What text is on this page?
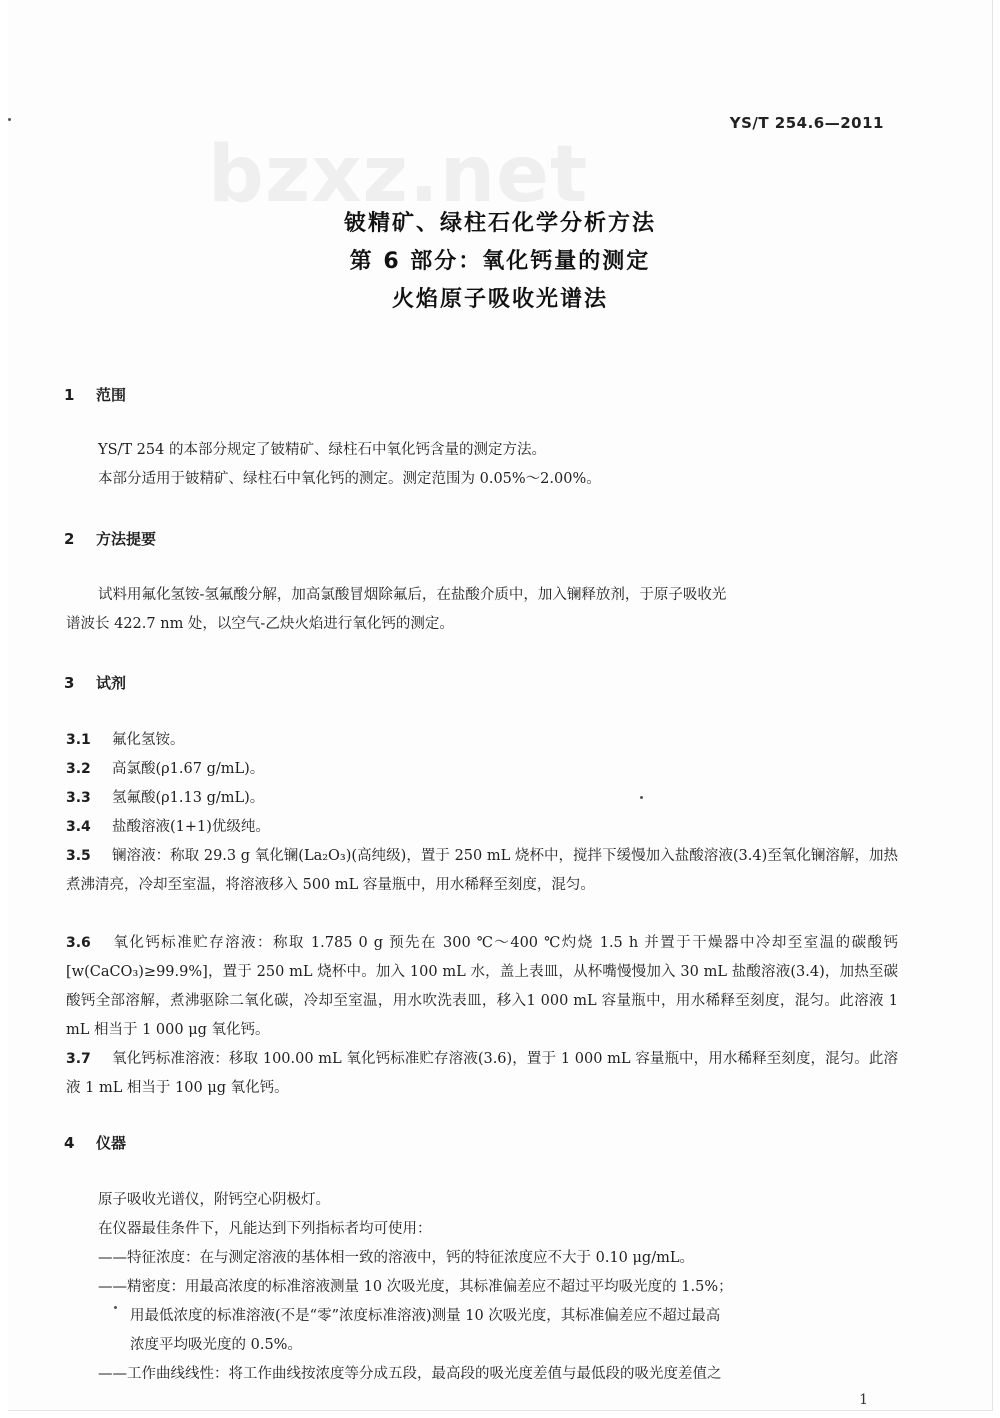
bzxz.net
YS/T 254.6—2011
铍精矿、绿柱石化学分析方法
第 6 部分：氧化钙量的测定
火焰原子吸收光谱法
1 范围
YS/T 254 的本部分规定了铍精矿、绿柱石中氧化钙含量的测定方法。
本部分适用于铍精矿、绿柱石中氧化钙的测定。测定范围为 0.05%～2.00%。
2 方法提要
试料用氟化氢铵-氢氟酸分解，加高氯酸冒烟除氟后，在盐酸介质中，加入镧释放剂，于原子吸收光
谱波长 422.7 nm 处，以空气-乙炔火焰进行氧化钙的测定。
3 试剂
3.1 氟化氢铵。
3.2 高氯酸(ρ1.67 g/mL)。
3.3 氢氟酸(ρ1.13 g/mL)。
3.4 盐酸溶液(1+1)优级纯。
3.5 镧溶液：称取 29.3 g 氧化镧(La₂O₃)(高纯级)，置于 250 mL 烧杯中，搅拌下缓慢加入盐酸溶液(3.4)至氧化镧溶解，加热煮沸清亮，冷却至室温，将溶液移入 500 mL 容量瓶中，用水稀释至刻度，混匀。
3.6 氧化钙标准贮存溶液：称取 1.785 0 g 预先在 300 ℃～400 ℃灼烧 1.5 h 并置于干燥器中冷却至室温的碳酸钙[w(CaCO₃)≥99.9%]，置于 250 mL 烧杯中。加入 100 mL 水，盖上表皿，从杯嘴慢慢加入 30 mL 盐酸溶液(3.4)，加热至碳酸钙全部溶解，煮沸驱除二氧化碳，冷却至室温，用水吹洗表皿，移入1 000 mL 容量瓶中，用水稀释至刻度，混匀。此溶液 1 mL 相当于 1 000 μg 氧化钙。
3.7 氧化钙标准溶液：移取 100.00 mL 氧化钙标准贮存溶液(3.6)，置于 1 000 mL 容量瓶中，用水稀释至刻度，混匀。此溶液 1 mL 相当于 100 μg 氧化钙。
4 仪器
原子吸收光谱仪，附钙空心阴极灯。
在仪器最佳条件下，凡能达到下列指标者均可使用：
——特征浓度：在与测定溶液的基体相一致的溶液中，钙的特征浓度应不大于 0.10 μg/mL。
——精密度：用最高浓度的标准溶液测量 10 次吸光度，其标准偏差应不超过平均吸光度的 1.5%；
用最低浓度的标准溶液(不是“零”浓度标准溶液)测量 10 次吸光度，其标准偏差应不超过最高
浓度平均吸光度的 0.5%。
——工作曲线线性：将工作曲线按浓度等分成五段，最高段的吸光度差值与最低段的吸光度差值之
1
